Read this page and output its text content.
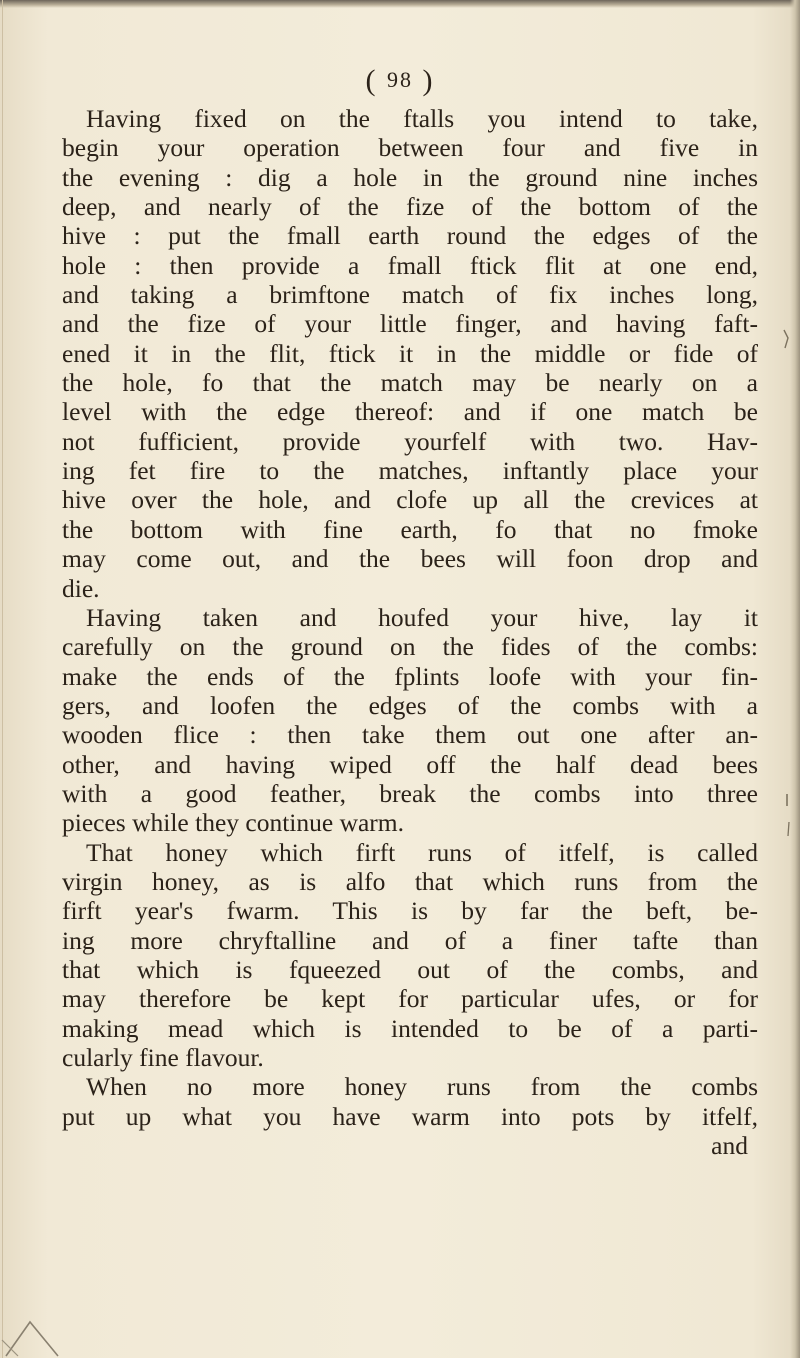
( 98 )
Having fixed on the ftalls you intend to take,
begin your operation between four and five in
the evening : dig a hole in the ground nine inches
deep, and nearly of the fize of the bottom of the
hive : put the fmall earth round the edges of the
hole : then provide a fmall ftick flit at one end,
and taking a brimftone match of fix inches long,
and the fize of your little finger, and having faft-
ened it in the flit, ftick it in the middle or fide of
the hole, fo that the match may be nearly on a
level with the edge thereof: and if one match be
not fufficient, provide yourfelf with two. Hav-
ing fet fire to the matches, inftantly place your
hive over the hole, and clofe up all the crevices at
the bottom with fine earth, fo that no fmoke
may come out, and the bees will foon drop and
die.
Having taken and houfed your hive, lay it
carefully on the ground on the fides of the combs:
make the ends of the fplints loofe with your fin-
gers, and loofen the edges of the combs with a
wooden flice : then take them out one after an-
other, and having wiped off the half dead bees
with a good feather, break the combs into three
pieces while they continue warm.
That honey which firft runs of itfelf, is called
virgin honey, as is alfo that which runs from the
firft year's fwarm. This is by far the beft, be-
ing more chryftalline and of a finer tafte than
that which is fqueezed out of the combs, and
may therefore be kept for particular ufes, or for
making mead which is intended to be of a parti-
cularly fine flavour.
When no more honey runs from the combs
put up what you have warm into pots by itfelf,
and
